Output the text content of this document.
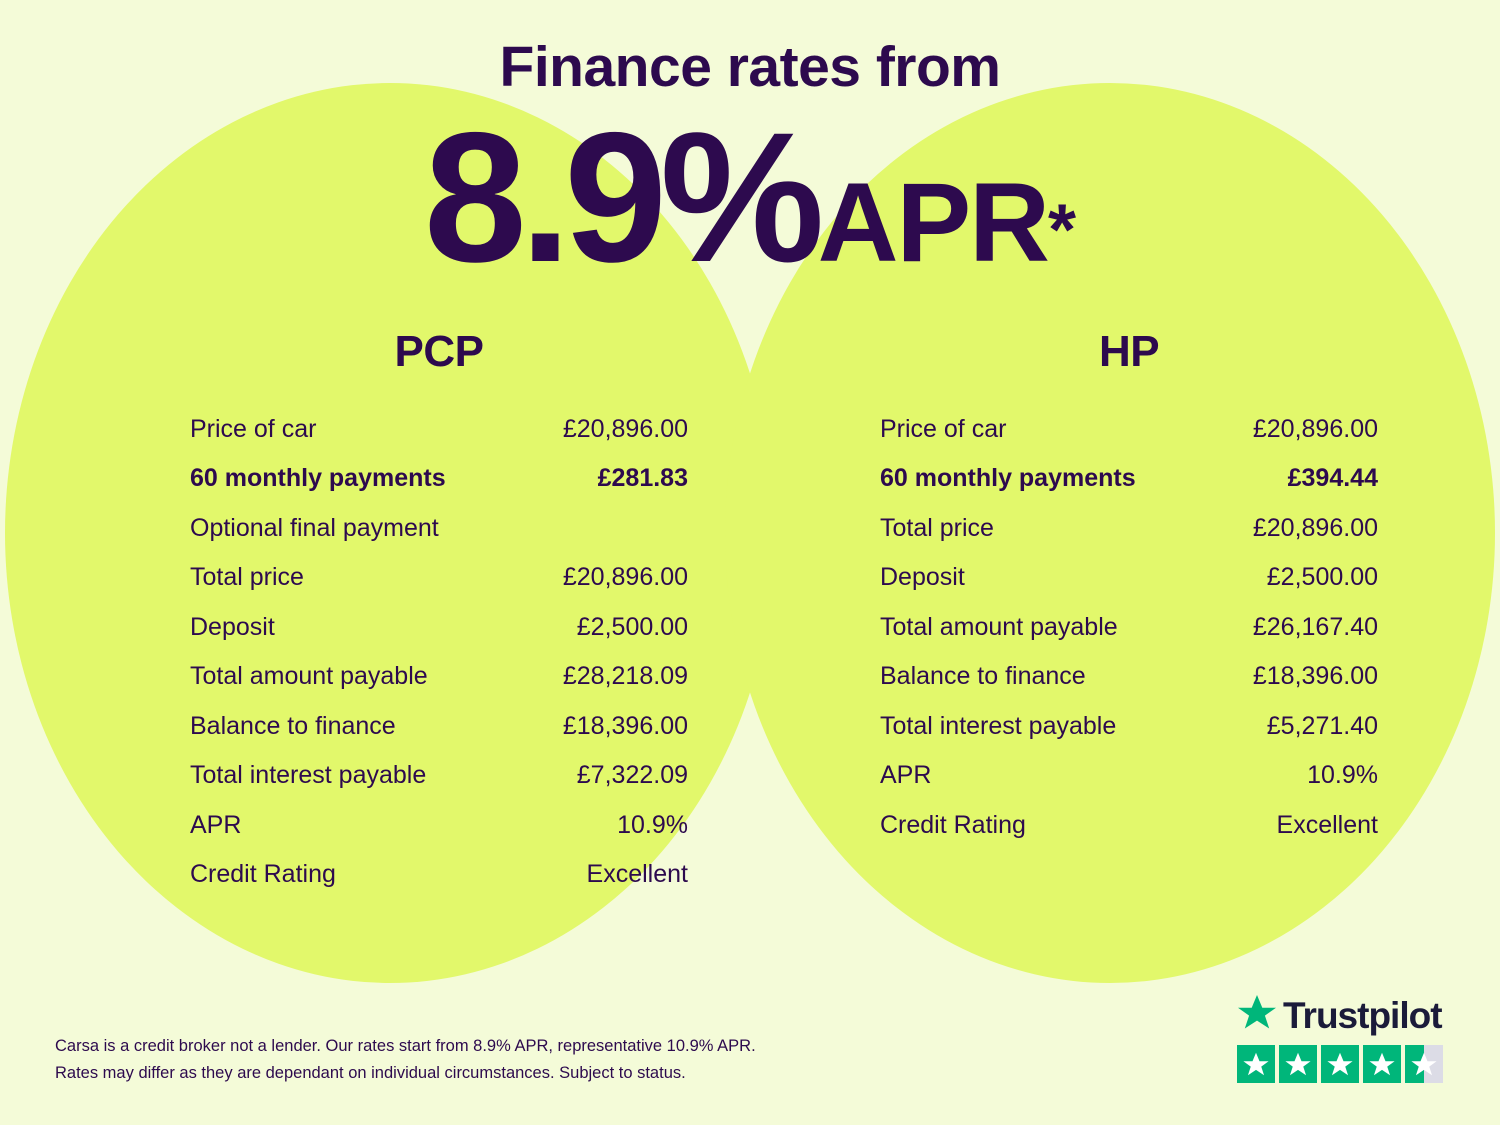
Finance rates from
8.9%APR*
PCP
Price of car	£20,896.00
60 monthly payments	£281.83
Optional final payment
Total price	£20,896.00
Deposit	£2,500.00
Total amount payable	£28,218.09
Balance to finance	£18,396.00
Total interest payable	£7,322.09
APR	10.9%
Credit Rating	Excellent
HP
Price of car	£20,896.00
60 monthly payments	£394.44
Total price	£20,896.00
Deposit	£2,500.00
Total amount payable	£26,167.40
Balance to finance	£18,396.00
Total interest payable	£5,271.40
APR	10.9%
Credit Rating	Excellent
Carsa is a credit broker not a lender. Our rates start from 8.9% APR, representative 10.9% APR.
Rates may differ as they are dependant on individual circumstances. Subject to status.
Trustpilot
